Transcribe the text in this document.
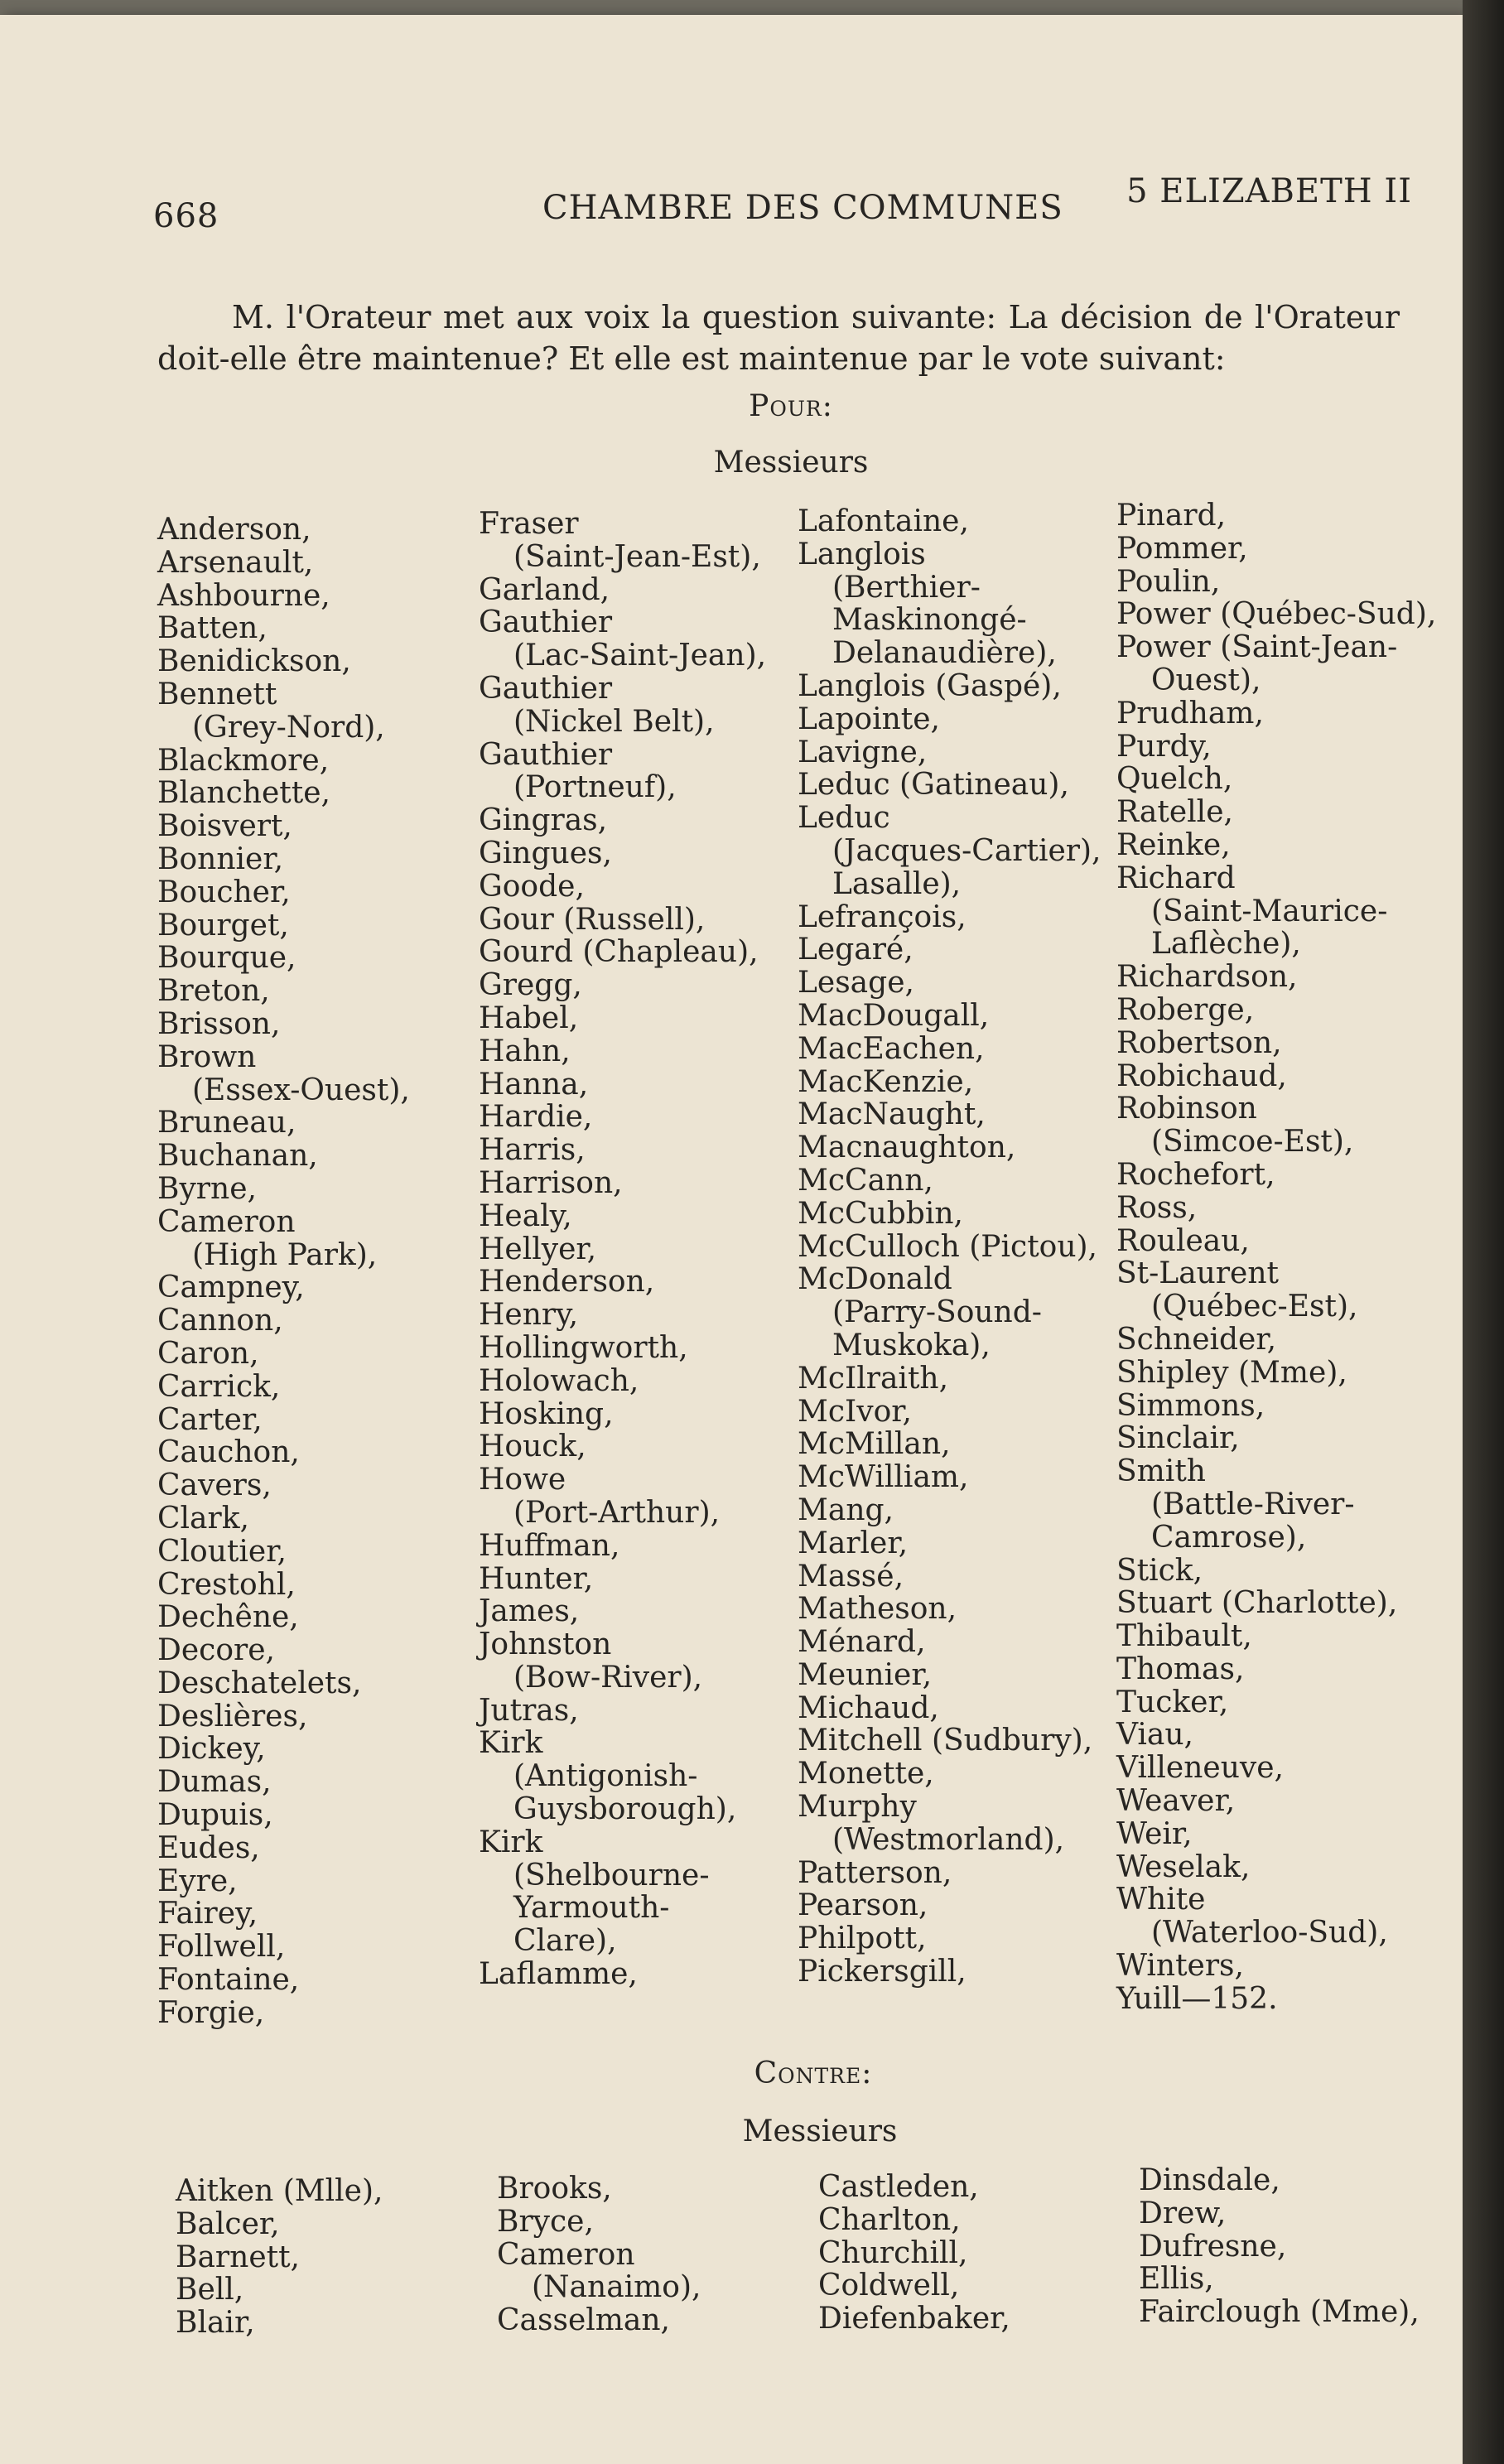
668	CHAMBRE DES COMMUNES 5 ELIZABETH II
M. l'Orateur met aux voix la question suivante: La décision de l'Orateur doit-elle être maintenue? Et elle est maintenue par le vote suivant:
Pour:
Messieurs
Anderson,
Arsenault,
Ashbourne,
Batten,
Benidickson,
Bennett
(Grey-Nord),
Blackmore,
Blanchette,
Boisvert,
Bonnier,
Boucher,
Bourget,
Bourque,
Breton,
Brisson,
Brown
(Essex-Ouest),
Bruneau,
Buchanan,
Byrne,
Cameron
(High Park),
Campney,
Cannon,
Caron,
Carrick,
Carter,
Cauchon,
Cavers,
Clark,
Cloutier,
Crestohl,
Dechêne,
Decore,
Deschatelets,
Deslières,
Dickey,
Dumas,
Dupuis,
Eudes,
Eyre,
Fairey,
Follwell,
Fontaine,
Forgie,
Fraser
(Saint-Jean-Est),
Garland,
Gauthier
(Lac-Saint-Jean),
Gauthier
(Nickel Belt),
Gauthier
(Portneuf),
Gingras,
Gingues,
Goode,
Gour (Russell),
Gourd (Chapleau),
Gregg,
Habel,
Hahn,
Hanna,
Hardie,
Harris,
Harrison,
Healy,
Hellyer,
Henderson,
Henry,
Hollingworth,
Holowach,
Hosking,
Houck,
Howe
(Port-Arthur),
Huffman,
Hunter,
James,
Johnston
(Bow-River),
Jutras,
Kirk
(Antigonish-
Guysborough),
Kirk
(Shelbourne-
Yarmouth-
Clare),
Laflamme,
Lafontaine,
Langlois
(Berthier-
Maskinongé-
Delanaudière),
Langlois (Gaspé),
Lapointe,
Lavigne,
Leduc (Gatineau),
Leduc
(Jacques-Cartier),
Lasalle),
Lefrançois,
Legaré,
Lesage,
MacDougall,
MacEachen,
MacKenzie,
MacNaught,
Macnaughton,
McCann,
McCubbin,
McCulloch (Pictou),
McDonald
(Parry-Sound-
Muskoka),
McIlraith,
McIvor,
McMillan,
McWilliam,
Mang,
Marler,
Massé,
Matheson,
Ménard,
Meunier,
Michaud,
Mitchell (Sudbury),
Monette,
Murphy
(Westmorland),
Patterson,
Pearson,
Philpott,
Pickersgill,
Pinard,
Pommer,
Poulin,
Power (Québec-Sud),
Power (Saint-Jean-
Ouest),
Prudham,
Purdy,
Quelch,
Ratelle,
Reinke,
Richard
(Saint-Maurice-
Laflèche),
Richardson,
Roberge,
Robertson,
Robichaud,
Robinson
(Simcoe-Est),
Rochefort,
Ross,
Rouleau,
St-Laurent
(Québec-Est),
Schneider,
Shipley (Mme),
Simmons,
Sinclair,
Smith
(Battle-River-
Camrose),
Stick,
Stuart (Charlotte),
Thibault,
Thomas,
Tucker,
Viau,
Villeneuve,
Weaver,
Weir,
Weselak,
White
(Waterloo-Sud),
Winters,
Yuill—152.
Contre:
Messieurs
Aitken (Mlle),
Balcer,
Barnett,
Bell,
Blair,
Brooks,
Bryce,
Cameron
(Nanaimo),
Casselman,
Castleden,
Charlton,
Churchill,
Coldwell,
Diefenbaker,
Dinsdale,
Drew,
Dufresne,
Ellis,
Fairclough (Mme),
